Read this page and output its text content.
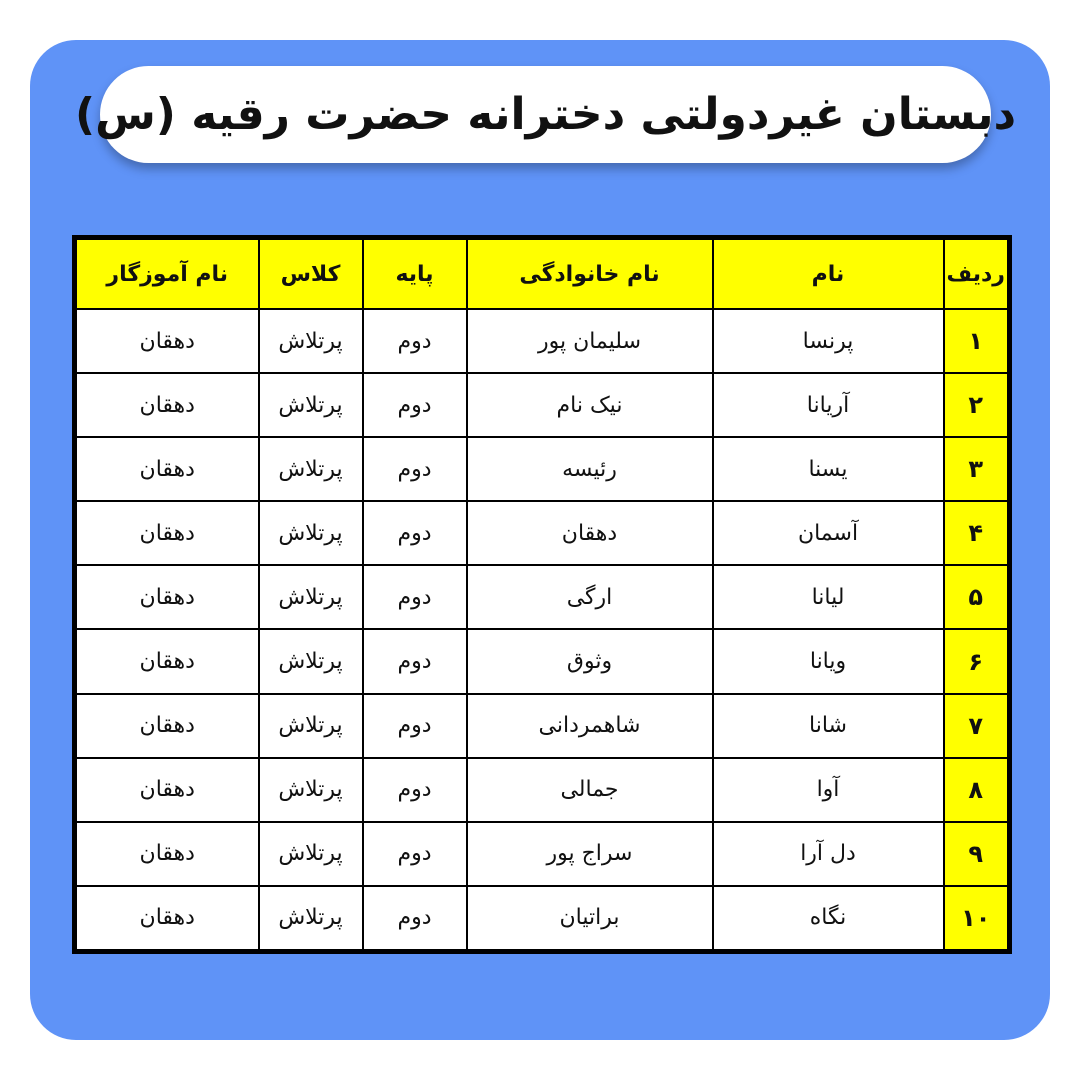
دبستان غیردولتی دخترانه حضرت رقیه (س)
ردیف	نام	نام خانوادگی	پایه	کلاس	نام آموزگار
۱	پرنسا	سلیمان پور	دوم	پرتلاش	دهقان
۲	آریانا	نیک نام	دوم	پرتلاش	دهقان
۳	یسنا	رئیسه	دوم	پرتلاش	دهقان
۴	آسمان	دهقان	دوم	پرتلاش	دهقان
۵	لیانا	ارگی	دوم	پرتلاش	دهقان
۶	ویانا	وثوق	دوم	پرتلاش	دهقان
۷	شانا	شاهمردانی	دوم	پرتلاش	دهقان
۸	آوا	جمالی	دوم	پرتلاش	دهقان
۹	دل آرا	سراج پور	دوم	پرتلاش	دهقان
۱۰	نگاه	براتیان	دوم	پرتلاش	دهقان
